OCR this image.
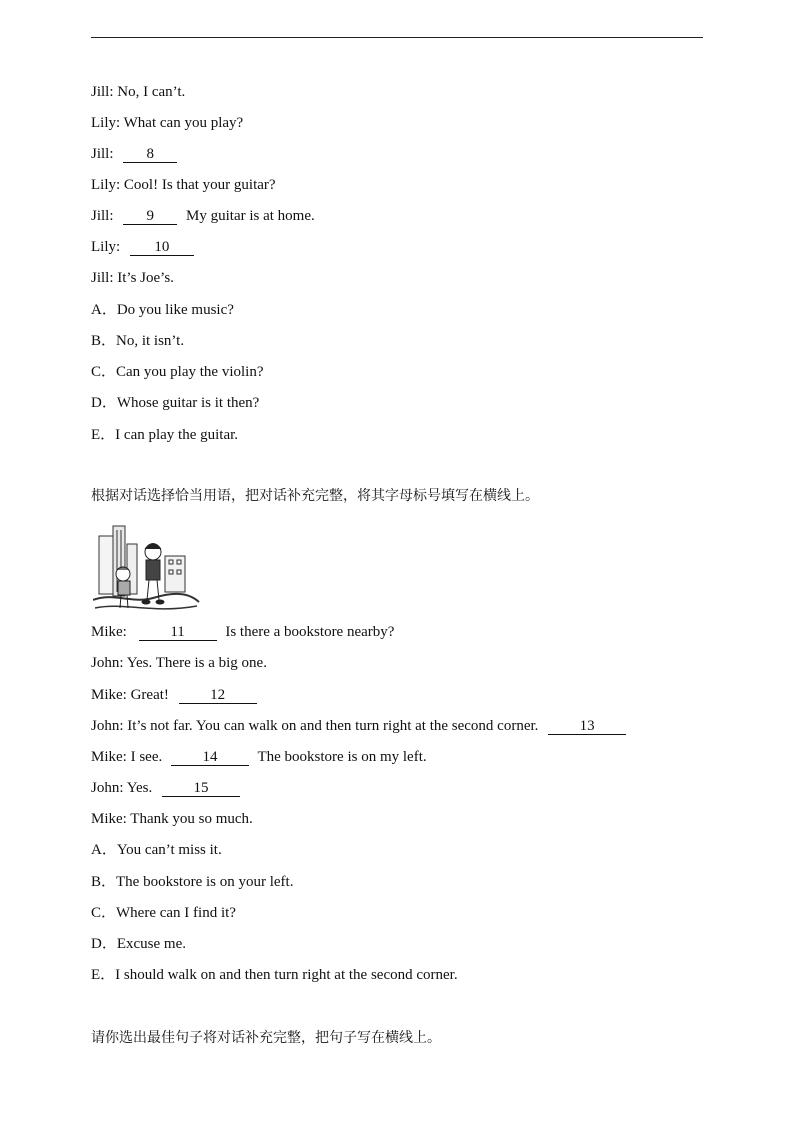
Jill: No, I can’t.
Lily: What can you play?
Jill: 8
Lily: Cool! Is that your guitar?
Jill: 9 My guitar is at home.
Lily: 10
Jill: It’s Joe’s.
A．Do you like music?
B．No, it isn’t.
C．Can you play the violin?
D．Whose guitar is it then?
E．I can play the guitar.
根据对话选择恰当用语，把对话补充完整，将其字母标号填写在横线上。
Mike:	11	Is there a bookstore nearby?
John: Yes. There is a big one.
Mike: Great!	12
John: It’s not far. You can walk on and then turn right at the second corner.	13
Mike: I see.	14	The bookstore is on my left.
John: Yes.	15
Mike: Thank you so much.
A．You can’t miss it.
B．The bookstore is on your left.
C．Where can I find it?
D．Excuse me.
E．I should walk on and then turn right at the second corner.
请你选出最佳句子将对话补充完整，把句子写在横线上。
